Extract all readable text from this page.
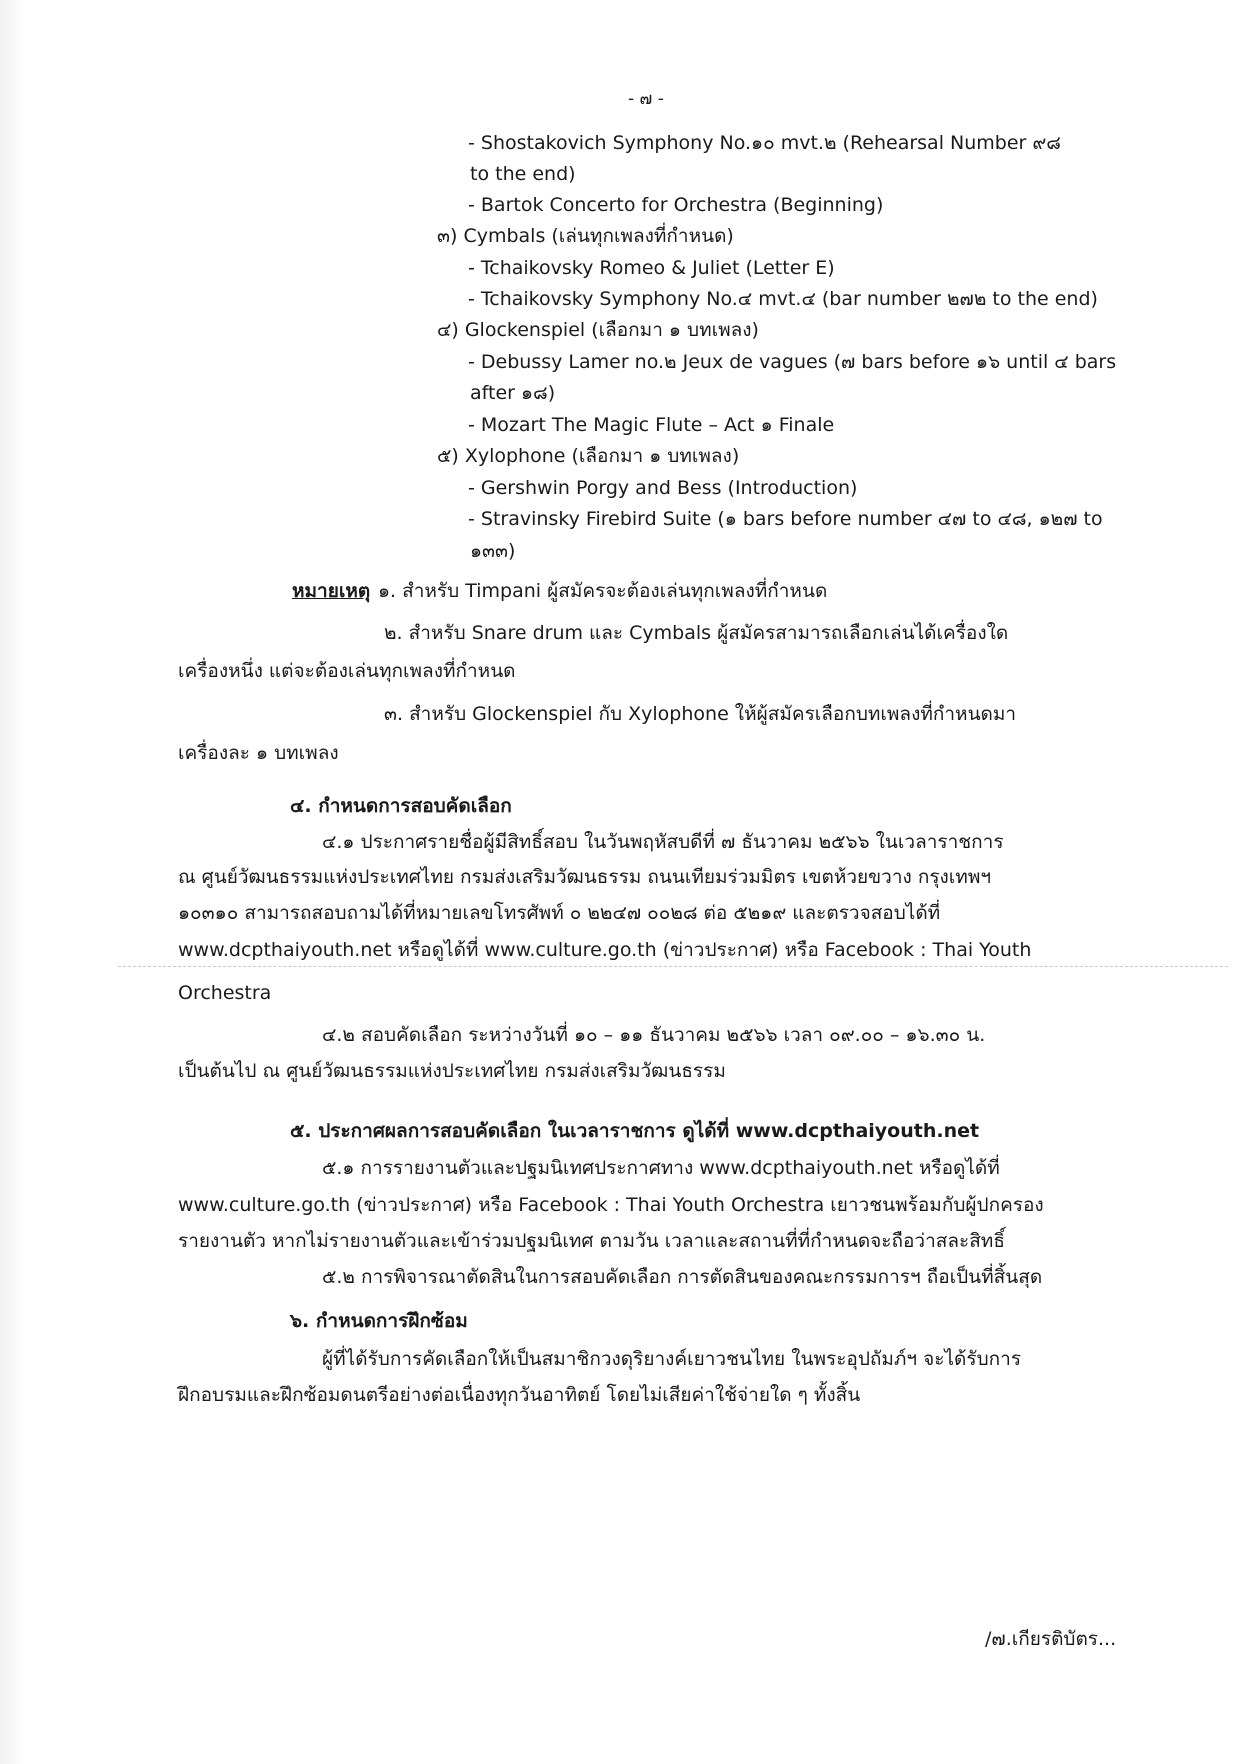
- ๗ -
- Shostakovich Symphony No.๑๐ mvt.๒ (Rehearsal Number ๙๘
to the end)
- Bartok Concerto for Orchestra (Beginning)
๓) Cymbals (เล่นทุกเพลงที่กำหนด)
- Tchaikovsky Romeo & Juliet (Letter E)
- Tchaikovsky Symphony No.๔ mvt.๔ (bar number ๒๗๒ to the end)
๔) Glockenspiel (เลือกมา ๑ บทเพลง)
- Debussy Lamer no.๒ Jeux de vagues (๗ bars before ๑๖ until ๔ bars
after ๑๘)
- Mozart The Magic Flute – Act ๑ Finale
๕) Xylophone (เลือกมา ๑ บทเพลง)
- Gershwin Porgy and Bess (Introduction)
- Stravinsky Firebird Suite (๑ bars before number ๔๗ to ๔๘, ๑๒๗ to
๑๓๓)
หมายเหตุ ๑. สำหรับ Timpani ผู้สมัครจะต้องเล่นทุกเพลงที่กำหนด
๒. สำหรับ Snare drum และ Cymbals ผู้สมัครสามารถเลือกเล่นได้เครื่องใด
เครื่องหนึ่ง แต่จะต้องเล่นทุกเพลงที่กำหนด
๓. สำหรับ Glockenspiel กับ Xylophone ให้ผู้สมัครเลือกบทเพลงที่กำหนดมา
เครื่องละ ๑ บทเพลง
๔. กำหนดการสอบคัดเลือก
๔.๑ ประกาศรายชื่อผู้มีสิทธิ์สอบ ในวันพฤหัสบดีที่ ๗ ธันวาคม ๒๕๖๖ ในเวลาราชการ
ณ ศูนย์วัฒนธรรมแห่งประเทศไทย กรมส่งเสริมวัฒนธรรม ถนนเทียมร่วมมิตร เขตห้วยขวาง กรุงเทพฯ
๑๐๓๑๐ สามารถสอบถามได้ที่หมายเลขโทรศัพท์ ๐ ๒๒๔๗ ๐๐๒๘ ต่อ ๕๒๑๙ และตรวจสอบได้ที่
www.dcpthaiyouth.net หรือดูได้ที่ www.culture.go.th (ข่าวประกาศ) หรือ Facebook : Thai Youth
Orchestra
๔.๒ สอบคัดเลือก ระหว่างวันที่ ๑๐ – ๑๑ ธันวาคม ๒๕๖๖ เวลา ๐๙.๐๐ – ๑๖.๓๐ น.
เป็นต้นไป ณ ศูนย์วัฒนธรรมแห่งประเทศไทย กรมส่งเสริมวัฒนธรรม
๕. ประกาศผลการสอบคัดเลือก ในเวลาราชการ ดูได้ที่ www.dcpthaiyouth.net
๕.๑ การรายงานตัวและปฐมนิเทศประกาศทาง www.dcpthaiyouth.net หรือดูได้ที่
www.culture.go.th (ข่าวประกาศ) หรือ Facebook : Thai Youth Orchestra เยาวชนพร้อมกับผู้ปกครอง
รายงานตัว หากไม่รายงานตัวและเข้าร่วมปฐมนิเทศ ตามวัน เวลาและสถานที่ที่กำหนดจะถือว่าสละสิทธิ์
๕.๒ การพิจารณาตัดสินในการสอบคัดเลือก การตัดสินของคณะกรรมการฯ ถือเป็นที่สิ้นสุด
๖. กำหนดการฝึกซ้อม
ผู้ที่ได้รับการคัดเลือกให้เป็นสมาชิกวงดุริยางค์เยาวชนไทย ในพระอุปถัมภ์ฯ จะได้รับการ
ฝึกอบรมและฝึกซ้อมดนตรีอย่างต่อเนื่องทุกวันอาทิตย์ โดยไม่เสียค่าใช้จ่ายใด ๆ ทั้งสิ้น
/๗.เกียรติบัตร...
